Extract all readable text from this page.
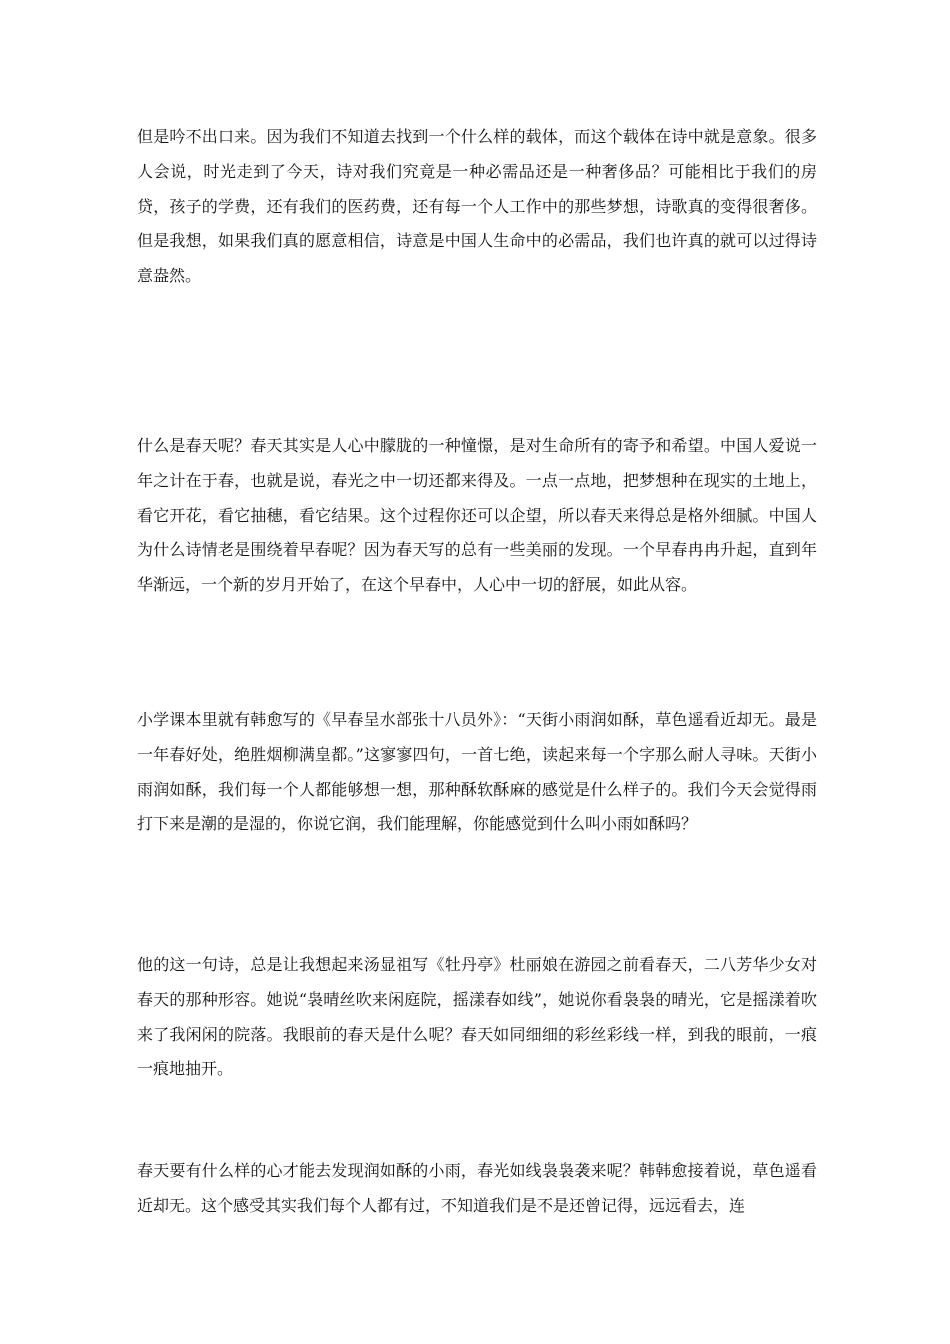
但是吟不出口来。因为我们不知道去找到一个什么样的载体，而这个载体在诗中就是意象。很多人会说，时光走到了今天，诗对我们究竟是一种必需品还是一种奢侈品？可能相比于我们的房贷，孩子的学费，还有我们的医药费，还有每一个人工作中的那些梦想，诗歌真的变得很奢侈。但是我想，如果我们真的愿意相信，诗意是中国人生命中的必需品，我们也许真的就可以过得诗意盎然。

什么是春天呢？春天其实是人心中朦胧的一种憧憬，是对生命所有的寄予和希望。中国人爱说一年之计在于春，也就是说，春光之中一切还都来得及。一点一点地，把梦想种在现实的土地上，看它开花，看它抽穗，看它结果。这个过程你还可以企望，所以春天来得总是格外细腻。中国人为什么诗情老是围绕着早春呢？因为春天写的总有一些美丽的发现。一个早春冉冉升起，直到年华渐远，一个新的岁月开始了，在这个早春中，人心中一切的舒展，如此从容。

小学课本里就有韩愈写的《早春呈水部张十八员外》：“天街小雨润如酥，草色遥看近却无。最是一年春好处，绝胜烟柳满皇都。”这寥寥四句，一首七绝，读起来每一个字那么耐人寻味。天街小雨润如酥，我们每一个人都能够想一想，那种酥软酥麻的感觉是什么样子的。我们今天会觉得雨打下来是潮的是湿的，你说它润，我们能理解，你能感觉到什么叫小雨如酥吗？

他的这一句诗，总是让我想起来汤显祖写《牡丹亭》杜丽娘在游园之前看春天，二八芳华少女对春天的那种形容。她说“袅晴丝吹来闲庭院，摇漾春如线”，她说你看袅袅的晴光，它是摇漾着吹来了我闲闲的院落。我眼前的春天是什么呢？春天如同细细的彩丝彩线一样，到我的眼前，一痕一痕地抽开。

春天要有什么样的心才能去发现润如酥的小雨，春光如线袅袅袭来呢？韩韩愈接着说，草色遥看近却无。这个感受其实我们每个人都有过，不知道我们是不是还曾记得，远远看去，连
